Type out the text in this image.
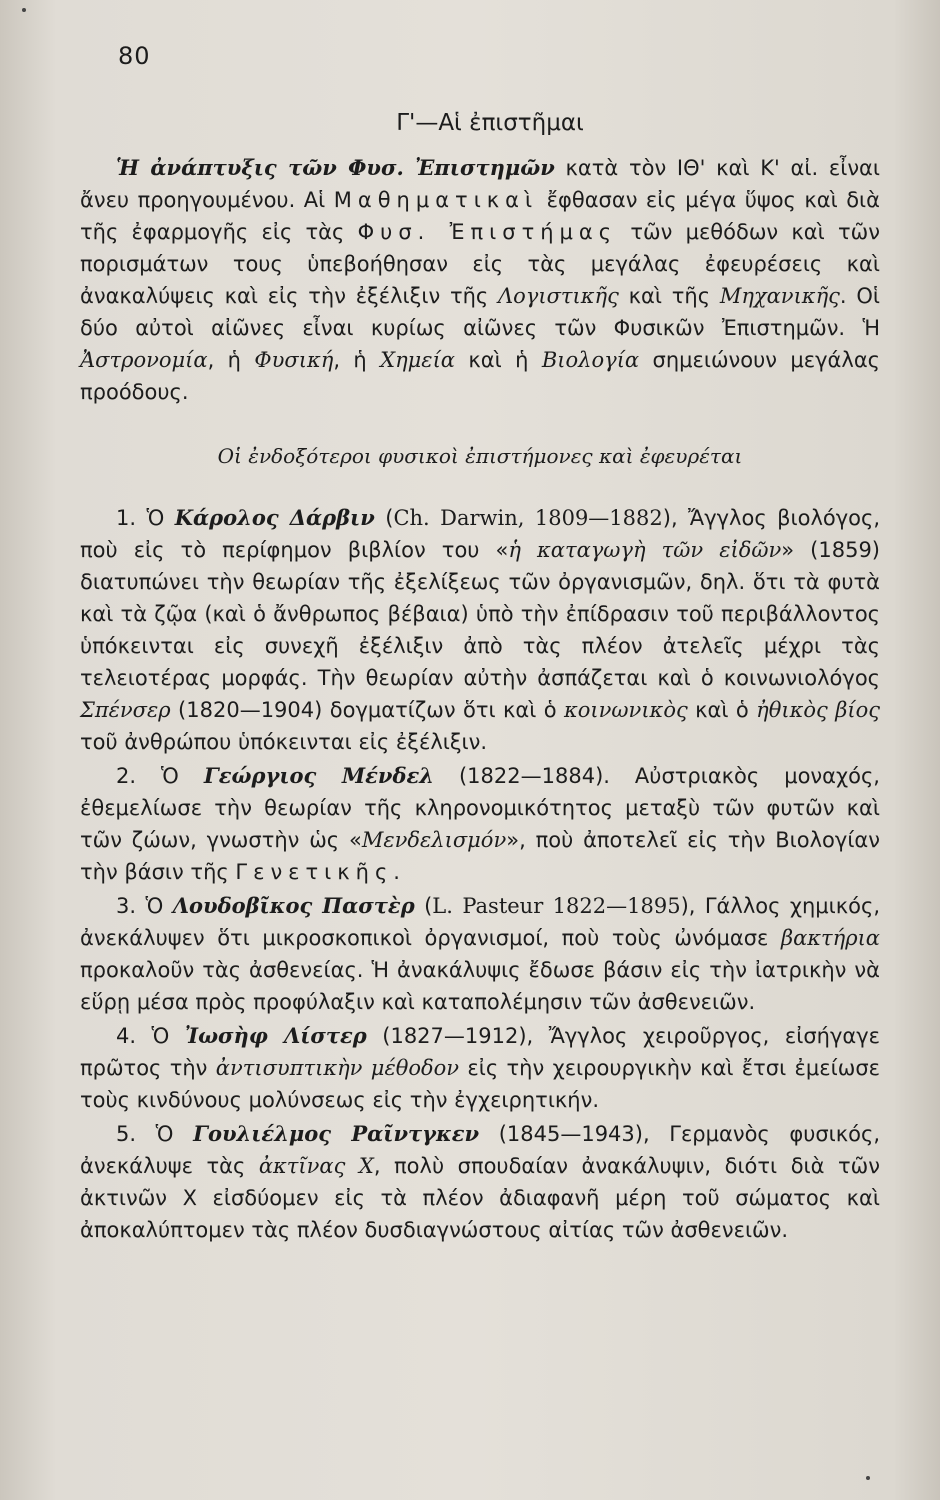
80
Γ'—Αἱ ἐπιστῆμαι

Ἡ ἀνάπτυξις τῶν Φυσ. Ἐπιστημῶν κατὰ τὸν ΙΘ' καὶ Κ' αἰ. εἶναι ἄνευ προηγουμένου. Αἱ Μαθηματικαὶ ἔφθασαν εἰς μέγα ὕψος καὶ διὰ τῆς ἐφαρμογῆς εἰς τὰς Φυσ. Ἐπιστήμας τῶν μεθόδων καὶ τῶν πορισμάτων τους ὑπεβοήθησαν εἰς τὰς μεγάλας ἐφευρέσεις καὶ ἀνακαλύψεις καὶ εἰς τὴν ἐξέλιξιν τῆς Λογιστικῆς καὶ τῆς Μηχανικῆς. Οἱ δύο αὐτοὶ αἰῶνες εἶναι κυρίως αἰῶνες τῶν Φυσικῶν Ἐπιστημῶν. Ἡ Ἀστρονομία, ἡ Φυσική, ἡ Χημεία καὶ ἡ Βιολογία σημειώνουν μεγάλας προόδους.

Οἱ ἐνδοξότεροι φυσικοὶ ἐπιστήμονες καὶ ἐφευρέται

1. Ὁ Κάρολος Δάρβιν (Ch. Darwin, 1809—1882), Ἄγγλος βιολόγος, ποὺ εἰς τὸ περίφημον βιβλίον του «ἡ καταγωγὴ τῶν εἰδῶν» (1859) διατυπώνει τὴν θεωρίαν τῆς ἐξελίξεως τῶν ὀργανισμῶν, δηλ. ὅτι τὰ φυτὰ καὶ τὰ ζῷα (καὶ ὁ ἄνθρωπος βέβαια) ὑπὸ τὴν ἐπίδρασιν τοῦ περιβάλλοντος ὑπόκεινται εἰς συνεχῆ ἐξέλιξιν ἀπὸ τὰς πλέον ἀτελεῖς μέχρι τὰς τελειοτέρας μορφάς. Τὴν θεωρίαν αὐτὴν ἀσπάζεται καὶ ὁ κοινωνιολόγος Σπένσερ (1820—1904) δογματίζων ὅτι καὶ ὁ κοινωνικὸς καὶ ὁ ἠθικὸς βίος τοῦ ἀνθρώπου ὑπόκεινται εἰς ἐξέλιξιν.

2. Ὁ Γεώργιος Μένδελ (1822—1884). Αὐστριακὸς μοναχός, ἐθεμελίωσε τὴν θεωρίαν τῆς κληρονομικότητος μεταξὺ τῶν φυτῶν καὶ τῶν ζώων, γνωστὴν ὡς «Μενδελισμόν», ποὺ ἀποτελεῖ εἰς τὴν Βιολογίαν τὴν βάσιν τῆς Γενετικῆς.

3. Ὁ Λουδοβῖκος Παστὲρ (L. Pasteur 1822—1895), Γάλλος χημικός, ἀνεκάλυψεν ὅτι μικροσκοπικοὶ ὀργανισμοί, ποὺ τοὺς ὠνόμασε βακτήρια προκαλοῦν τὰς ἀσθενείας. Ἡ ἀνακάλυψις ἔδωσε βάσιν εἰς τὴν ἰατρικὴν νὰ εὕρῃ μέσα πρὸς προφύλαξιν καὶ καταπολέμησιν τῶν ἀσθενειῶν.

4. Ὁ Ἰωσὴφ Λίστερ (1827—1912), Ἄγγλος χειροῦργος, εἰσήγαγε πρῶτος τὴν ἀντισυπτικὴν μέθοδον εἰς τὴν χειρουργικὴν καὶ ἔτσι ἐμείωσε τοὺς κινδύνους μολύνσεως εἰς τὴν ἐγχειρητικήν.

5. Ὁ Γουλιέλμος Ραῖντγκεν (1845—1943), Γερμανὸς φυσικός, ἀνεκάλυψε τὰς ἀκτῖνας Χ, πολὺ σπουδαίαν ἀνακάλυψιν, διότι διὰ τῶν ἀκτινῶν Χ εἰσδύομεν εἰς τὰ πλέον ἀδιαφανῆ μέρη τοῦ σώματος καὶ ἀποκαλύπτομεν τὰς πλέον δυσδιαγνώστους αἰτίας τῶν ἀσθενειῶν.
